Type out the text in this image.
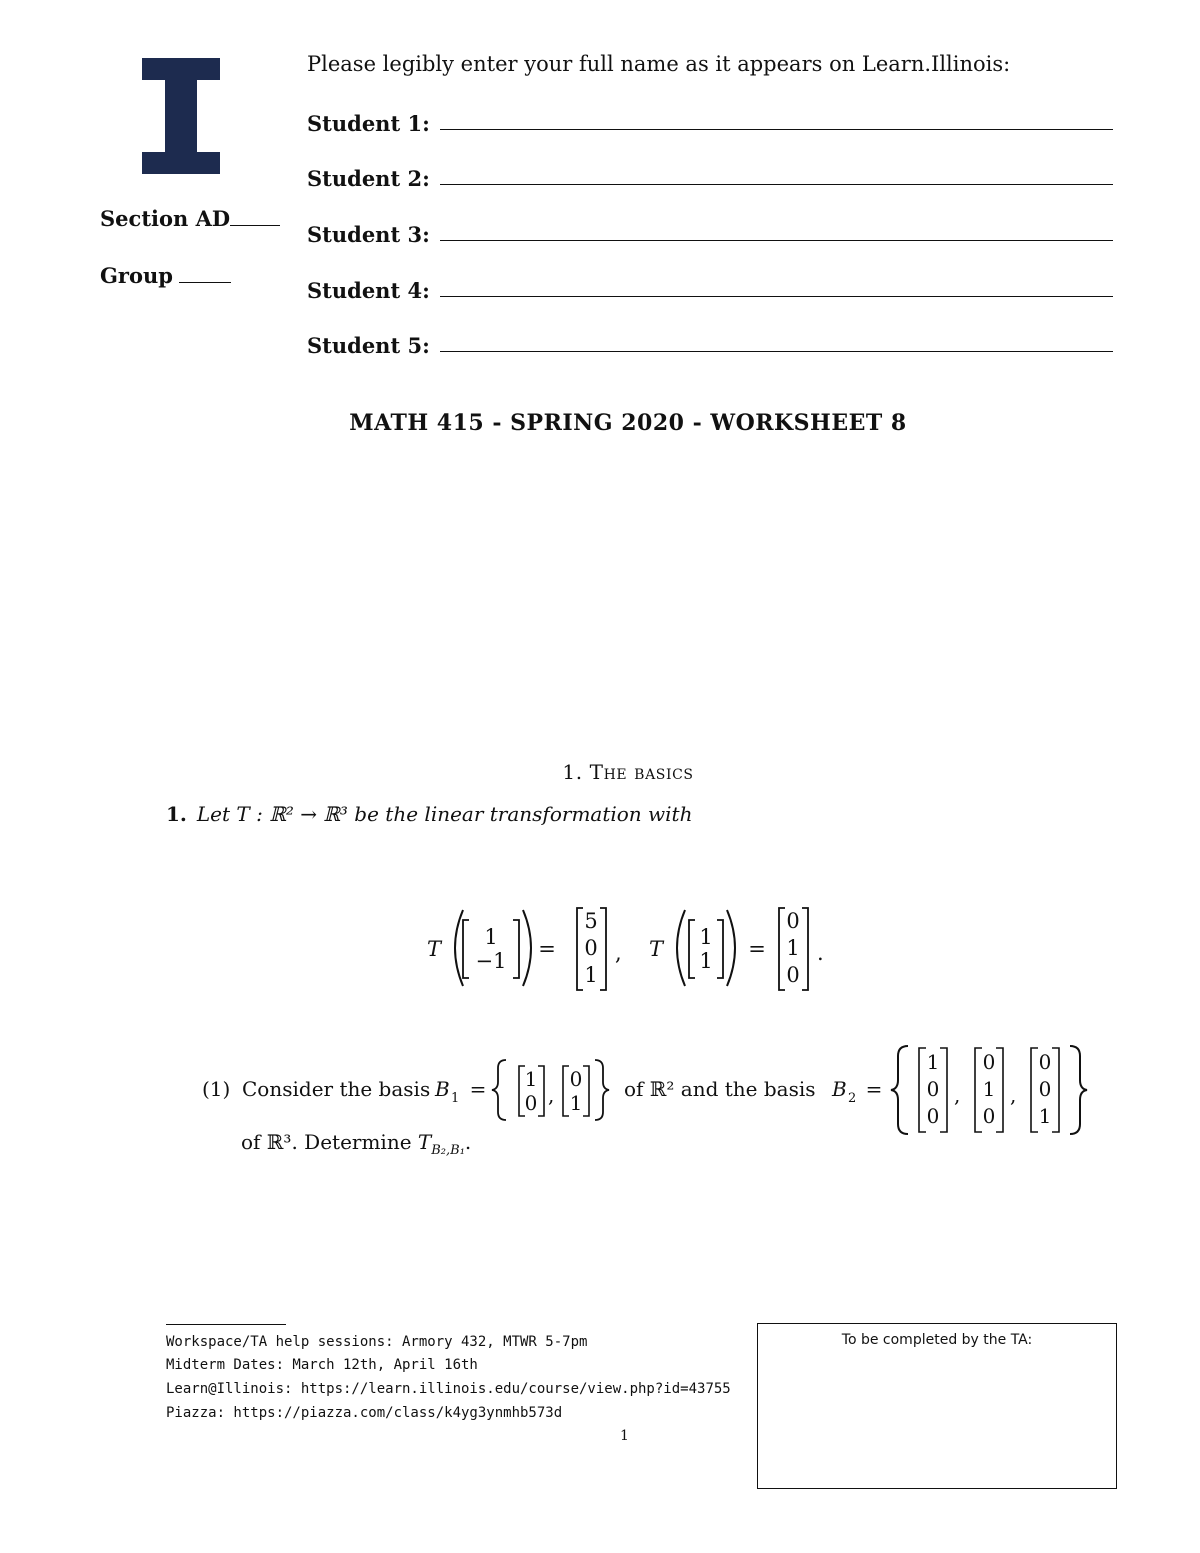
Please legibly enter your full name as it appears on Learn.Illinois:
Student 1:
Student 2:
Student 3:
Student 4:
Student 5:
Section AD
Group
MATH 415 - SPRING 2020 - WORKSHEET 8
1. The basics
1. Let T : ℝ² → ℝ³ be the linear transformation with
T 1
−1 =
5
0
1
, T 1
1 =
0
1
0
.
(1) Consider the basis B 1 = 1
0 ,
0
1
of ℝ² and the basis B 2 =
1
0
0
,
0
1
0
,
0
0
1
of ℝ³. Determine $T_{B_2,B_1}$.
Workspace/TA help sessions: Armory 432, MTWR 5-7pm
Midterm Dates: March 12th, April 16th
Learn@Illinois: https://learn.illinois.edu/course/view.php?id=43755
Piazza: https://piazza.com/class/k4yg3ynmhb573d
1
To be completed by the TA:
